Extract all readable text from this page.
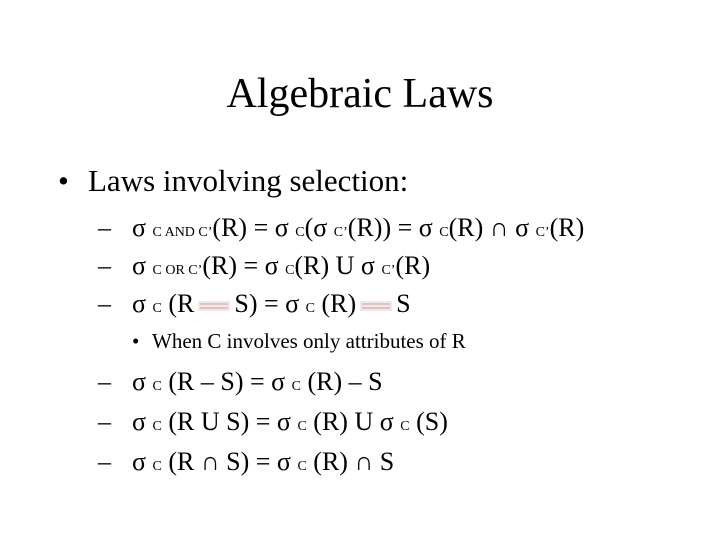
Algebraic Laws
• Laws involving selection:
– σ C AND C’(R) = σ C(σ C’(R)) = σ C(R) ∩ σ C’(R)
– σ C OR C’(R) = σ C(R) U σ C’(R)
– σ C (R S) = σ C (R) S
• When C involves only attributes of R
– σ C (R – S) = σ C (R) – S
– σ C (R U S) = σ C (R) U σ C (S)
– σ C (R ∩ S) = σ C (R) ∩ S
